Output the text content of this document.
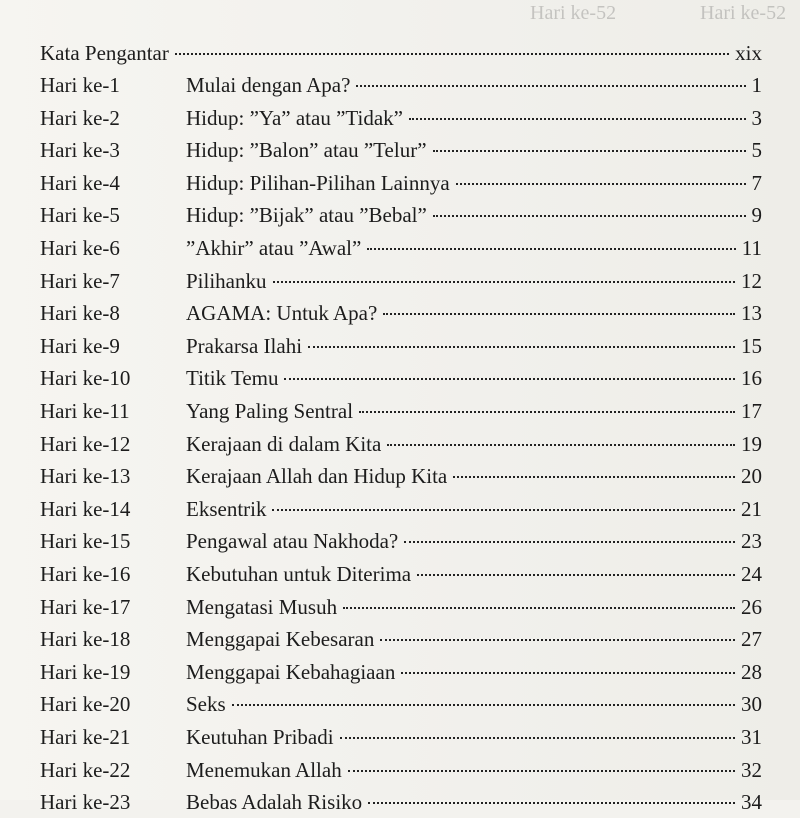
Hari ke-52	Hari ke-52
Kata Pengantar	xix
Hari ke-1	Mulai dengan Apa?	1
Hari ke-2	Hidup: ”Ya” atau ”Tidak”	3
Hari ke-3	Hidup: ”Balon” atau ”Telur”	5
Hari ke-4	Hidup: Pilihan-Pilihan Lainnya	7
Hari ke-5	Hidup: ”Bijak” atau ”Bebal”	9
Hari ke-6	”Akhir” atau ”Awal”	11
Hari ke-7	Pilihanku	12
Hari ke-8	AGAMA: Untuk Apa?	13
Hari ke-9	Prakarsa Ilahi	15
Hari ke-10	Titik Temu	16
Hari ke-11	Yang Paling Sentral	17
Hari ke-12	Kerajaan di dalam Kita	19
Hari ke-13	Kerajaan Allah dan Hidup Kita	20
Hari ke-14	Eksentrik	21
Hari ke-15	Pengawal atau Nakhoda?	23
Hari ke-16	Kebutuhan untuk Diterima	24
Hari ke-17	Mengatasi Musuh	26
Hari ke-18	Menggapai Kebesaran	27
Hari ke-19	Menggapai Kebahagiaan	28
Hari ke-20	Seks	30
Hari ke-21	Keutuhan Pribadi	31
Hari ke-22	Menemukan Allah	32
Hari ke-23	Bebas Adalah Risiko	34
